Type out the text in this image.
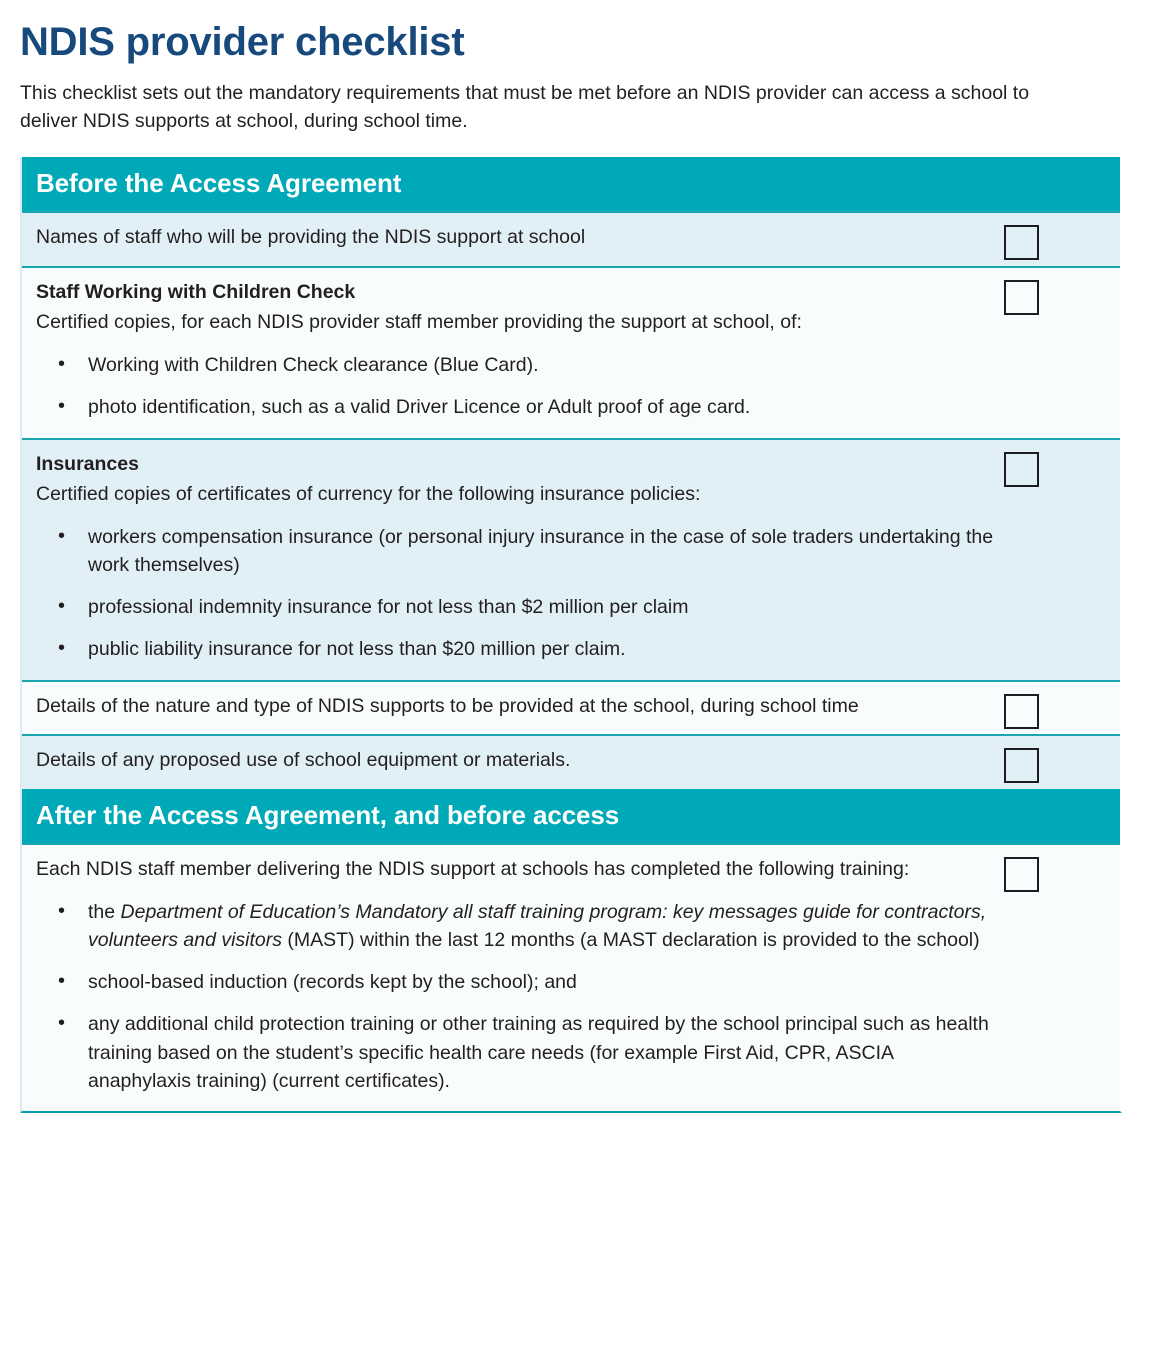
NDIS provider checklist

This checklist sets out the mandatory requirements that must be met before an NDIS provider can access a school to deliver NDIS supports at school, during school time.

Before the Access Agreement
Names of staff who will be providing the NDIS support at school
Staff Working with Children Check
Certified copies, for each NDIS provider staff member providing the support at school, of:
• Working with Children Check clearance (Blue Card).
• photo identification, such as a valid Driver Licence or Adult proof of age card.
Insurances
Certified copies of certificates of currency for the following insurance policies:
• workers compensation insurance (or personal injury insurance in the case of sole traders undertaking the work themselves)
• professional indemnity insurance for not less than $2 million per claim
• public liability insurance for not less than $20 million per claim.
Details of the nature and type of NDIS supports to be provided at the school, during school time
Details of any proposed use of school equipment or materials.
After the Access Agreement, and before access
Each NDIS staff member delivering the NDIS support at schools has completed the following training:
• the Department of Education’s Mandatory all staff training program: key messages guide for contractors, volunteers and visitors (MAST) within the last 12 months (a MAST declaration is provided to the school)
• school-based induction (records kept by the school); and
• any additional child protection training or other training as required by the school principal such as health training based on the student’s specific health care needs (for example First Aid, CPR, ASCIA anaphylaxis training) (current certificates).
